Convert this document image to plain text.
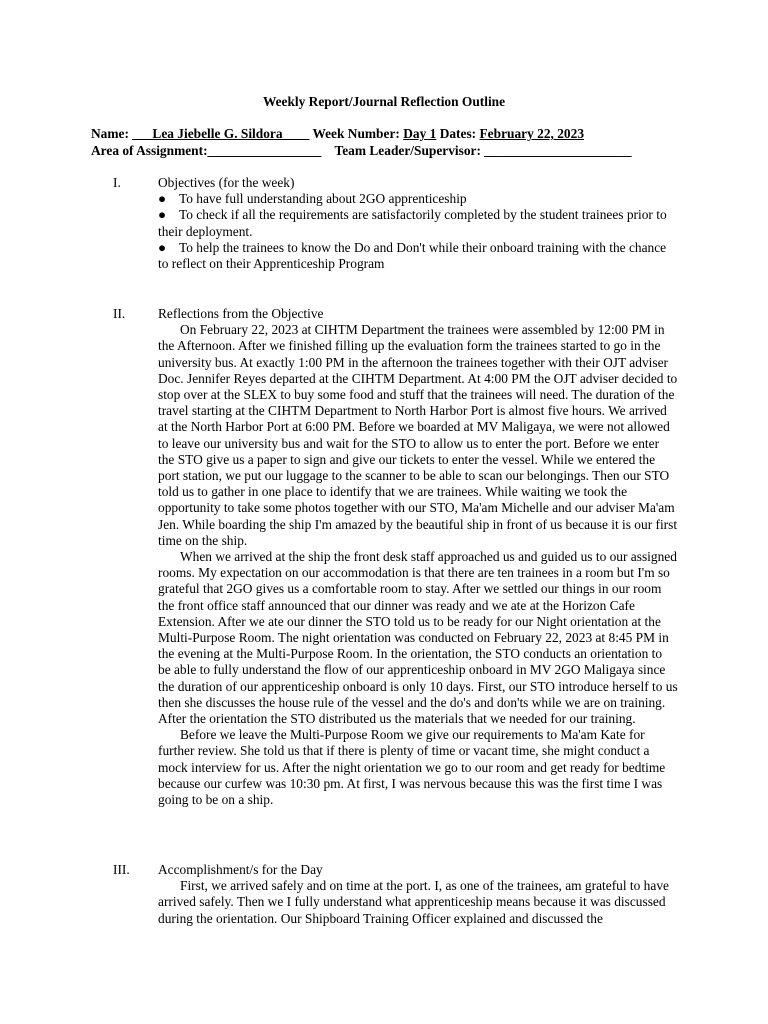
Weekly Report/Journal Reflection Outline
Name: ___Lea Jiebelle G. Sildora____ Week Number: Day 1 Dates: February 22, 2023
Area of Assignment:_________________ Team Leader/Supervisor: ______________________
I.	Objectives (for the week)

● To have full understanding about 2GO apprenticeship
● To check if all the requirements are satisfactorily completed by the student trainees prior to their deployment.
● To help the trainees to know the Do and Don't while their onboard training with the chance to reflect on their Apprenticeship Program
II. Reflections from the Objective

On February 22, 2023 at CIHTM Department the trainees were assembled by 12:00 PM in the Afternoon. After we finished filling up the evaluation form the trainees started to go in the university bus. At exactly 1:00 PM in the afternoon the trainees together with their OJT adviser Doc. Jennifer Reyes departed at the CIHTM Department. At 4:00 PM the OJT adviser decided to stop over at the SLEX to buy some food and stuff that the trainees will need. The duration of the travel starting at the CIHTM Department to North Harbor Port is almost five hours. We arrived at the North Harbor Port at 6:00 PM. Before we boarded at MV Maligaya, we were not allowed to leave our university bus and wait for the STO to allow us to enter the port. Before we enter the STO give us a paper to sign and give our tickets to enter the vessel. While we entered the port station, we put our luggage to the scanner to be able to scan our belongings. Then our STO told us to gather in one place to identify that we are trainees. While waiting we took the opportunity to take some photos together with our STO, Ma'am Michelle and our adviser Ma'am Jen. While boarding the ship I'm amazed by the beautiful ship in front of us because it is our first time on the ship.

When we arrived at the ship the front desk staff approached us and guided us to our assigned rooms. My expectation on our accommodation is that there are ten trainees in a room but I'm so grateful that 2GO gives us a comfortable room to stay. After we settled our things in our room the front office staff announced that our dinner was ready and we ate at the Horizon Cafe Extension. After we ate our dinner the STO told us to be ready for our Night orientation at the Multi-Purpose Room. The night orientation was conducted on February 22, 2023 at 8:45 PM in the evening at the Multi-Purpose Room. In the orientation, the STO conducts an orientation to be able to fully understand the flow of our apprenticeship onboard in MV 2GO Maligaya since the duration of our apprenticeship onboard is only 10 days. First, our STO introduce herself to us then she discusses the house rule of the vessel and the do's and don'ts while we are on training. After the orientation the STO distributed us the materials that we needed for our training.

Before we leave the Multi-Purpose Room we give our requirements to Ma'am Kate for further review. She told us that if there is plenty of time or vacant time, she might conduct a mock interview for us. After the night orientation we go to our room and get ready for bedtime because our curfew was 10:30 pm. At first, I was nervous because this was the first time I was going to be on a ship.

III. Accomplishment/s for the Day

First, we arrived safely and on time at the port. I, as one of the trainees, am grateful to have arrived safely. Then we I fully understand what apprenticeship means because it was discussed during the orientation. Our Shipboard Training Officer explained and discussed the
